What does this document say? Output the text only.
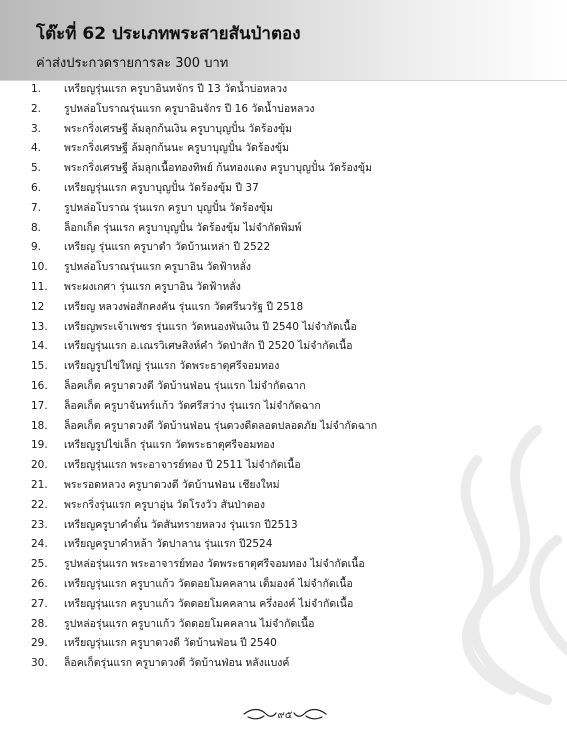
โต๊ะที่ 62 ประเภทพระสายสันป่าตอง
ค่าส่งประกวดรายการละ 300 บาท
1. เหรียญรุ่นแรก ครูบาอินทจักร ปี 13 วัดน้ำบ่อหลวง
2. รูปหล่อโบราณรุ่นแรก ครูบาอินจักร ปี 16 วัดน้ำบ่อหลวง
3. พระกริ่งเศรษฐี ล้มลุกก้นเงิน ครูบาบุญปั๋น วัดร้องขุ้ม
4. พระกริ่งเศรษฐี ล้มลุกก้นนะ ครูบาบุญปั๋น วัดร้องขุ้ม
5. พระกริ่งเศรษฐี ล้มลุกเนื้อทองทิพย์ ก้นทองแดง ครูบาบุญปั๋น วัดร้องขุ้ม
6. เหรียญรุ่นแรก ครูบาบุญปั๋น วัดร้องขุ้ม ปี 37
7. รูปหล่อโบราณ รุ่นแรก ครูบา บุญปั๋น วัดร้องขุ้ม
8. ล็อกเก็ต รุ่นแรก ครูบาบุญปั๋น วัดร้องขุ้ม ไม่จำกัดพิมพ์
9. เหรียญ รุ่นแรก ครูบาดำ วัดบ้านเหล่า ปี 2522
10. รูปหล่อโบราณรุ่นแรก ครูบาอิน วัดฟ้าหลั่ง
11. พระผงเกศา รุ่นแรก ครูบาอิน วัดฟ้าหลั่ง
12 เหรียญ หลวงพ่อสักคงคัน รุ่นแรก วัดศรีนวรัฐ ปี 2518
13. เหรียญพระเจ้าเพชร รุ่นแรก วัดหนองพันเงิน ปี 2540 ไม่จำกัดเนื้อ
14. เหรียญรุ่นแรก อ.เณรวิเศษสิงห์คำ วัดป่าสัก ปี 2520 ไม่จำกัดเนื้อ
15. เหรียญรูปไข่ใหญ่ รุ่นแรก วัดพระธาตุศรีจอมทอง
16. ล็อคเก็ต ครูบาดวงดี วัดบ้านฟ่อน รุ่นแรก ไม่จำกัดฉาก
17. ล็อคเก็ต ครูบาจันทร์แก้ว วัดศรีสว่าง รุ่นแรก ไม่จำกัดฉาก
18. ล็อคเก็ต ครูบาดวงดี วัดบ้านฟ่อน รุ่นดวงดีตลอดปลอดภัย ไม่จำกัดฉาก
19. เหรียญรูปไข่เล็ก รุ่นแรก วัดพระธาตุศรีจอมทอง
20. เหรียญรุ่นแรก พระอาจารย์ทอง ปี 2511 ไม่จำกัดเนื้อ
21. พระรอดหลวง ครูบาดวงดี วัดบ้านฟ่อน เชียงใหม่
22. พระกริ่งรุ่นแรก ครูบาอุ่น วัดโรงวัว สันป่าตอง
23. เหรียญครูบาคำตั๋น วัดสันทรายหลวง รุ่นแรก ปี2513
24. เหรียญครูบาคำหล้า วัดปาลาน รุ่นแรก ปี2524
25. รูปหล่อรุ่นแรก พระอาจารย์ทอง วัดพระธาตุศรีจอมทอง ไม่จำกัดเนื้อ
26. เหรียญรุ่นแรก ครูบาแก้ว วัดดอยโมคคลาน เต็มองค์ ไม่จำกัดเนื้อ
27. เหรียญรุ่นแรก ครูบาแก้ว วัดดอยโมคคลาน ครึ่งองค์ ไม่จำกัดเนื้อ
28. รูปหล่อรุ่นแรก ครูบาแก้ว วัดดอยโมคคลาน ไม่จำกัดเนื้อ
29. เหรียญรุ่นแรก ครูบาดวงดี วัดบ้านฟ่อน ปี 2540
30. ล็อคเก็ตรุ่นแรก ครูบาดวงดี วัดบ้านฟ่อน หลังแบงค์
๙๕
